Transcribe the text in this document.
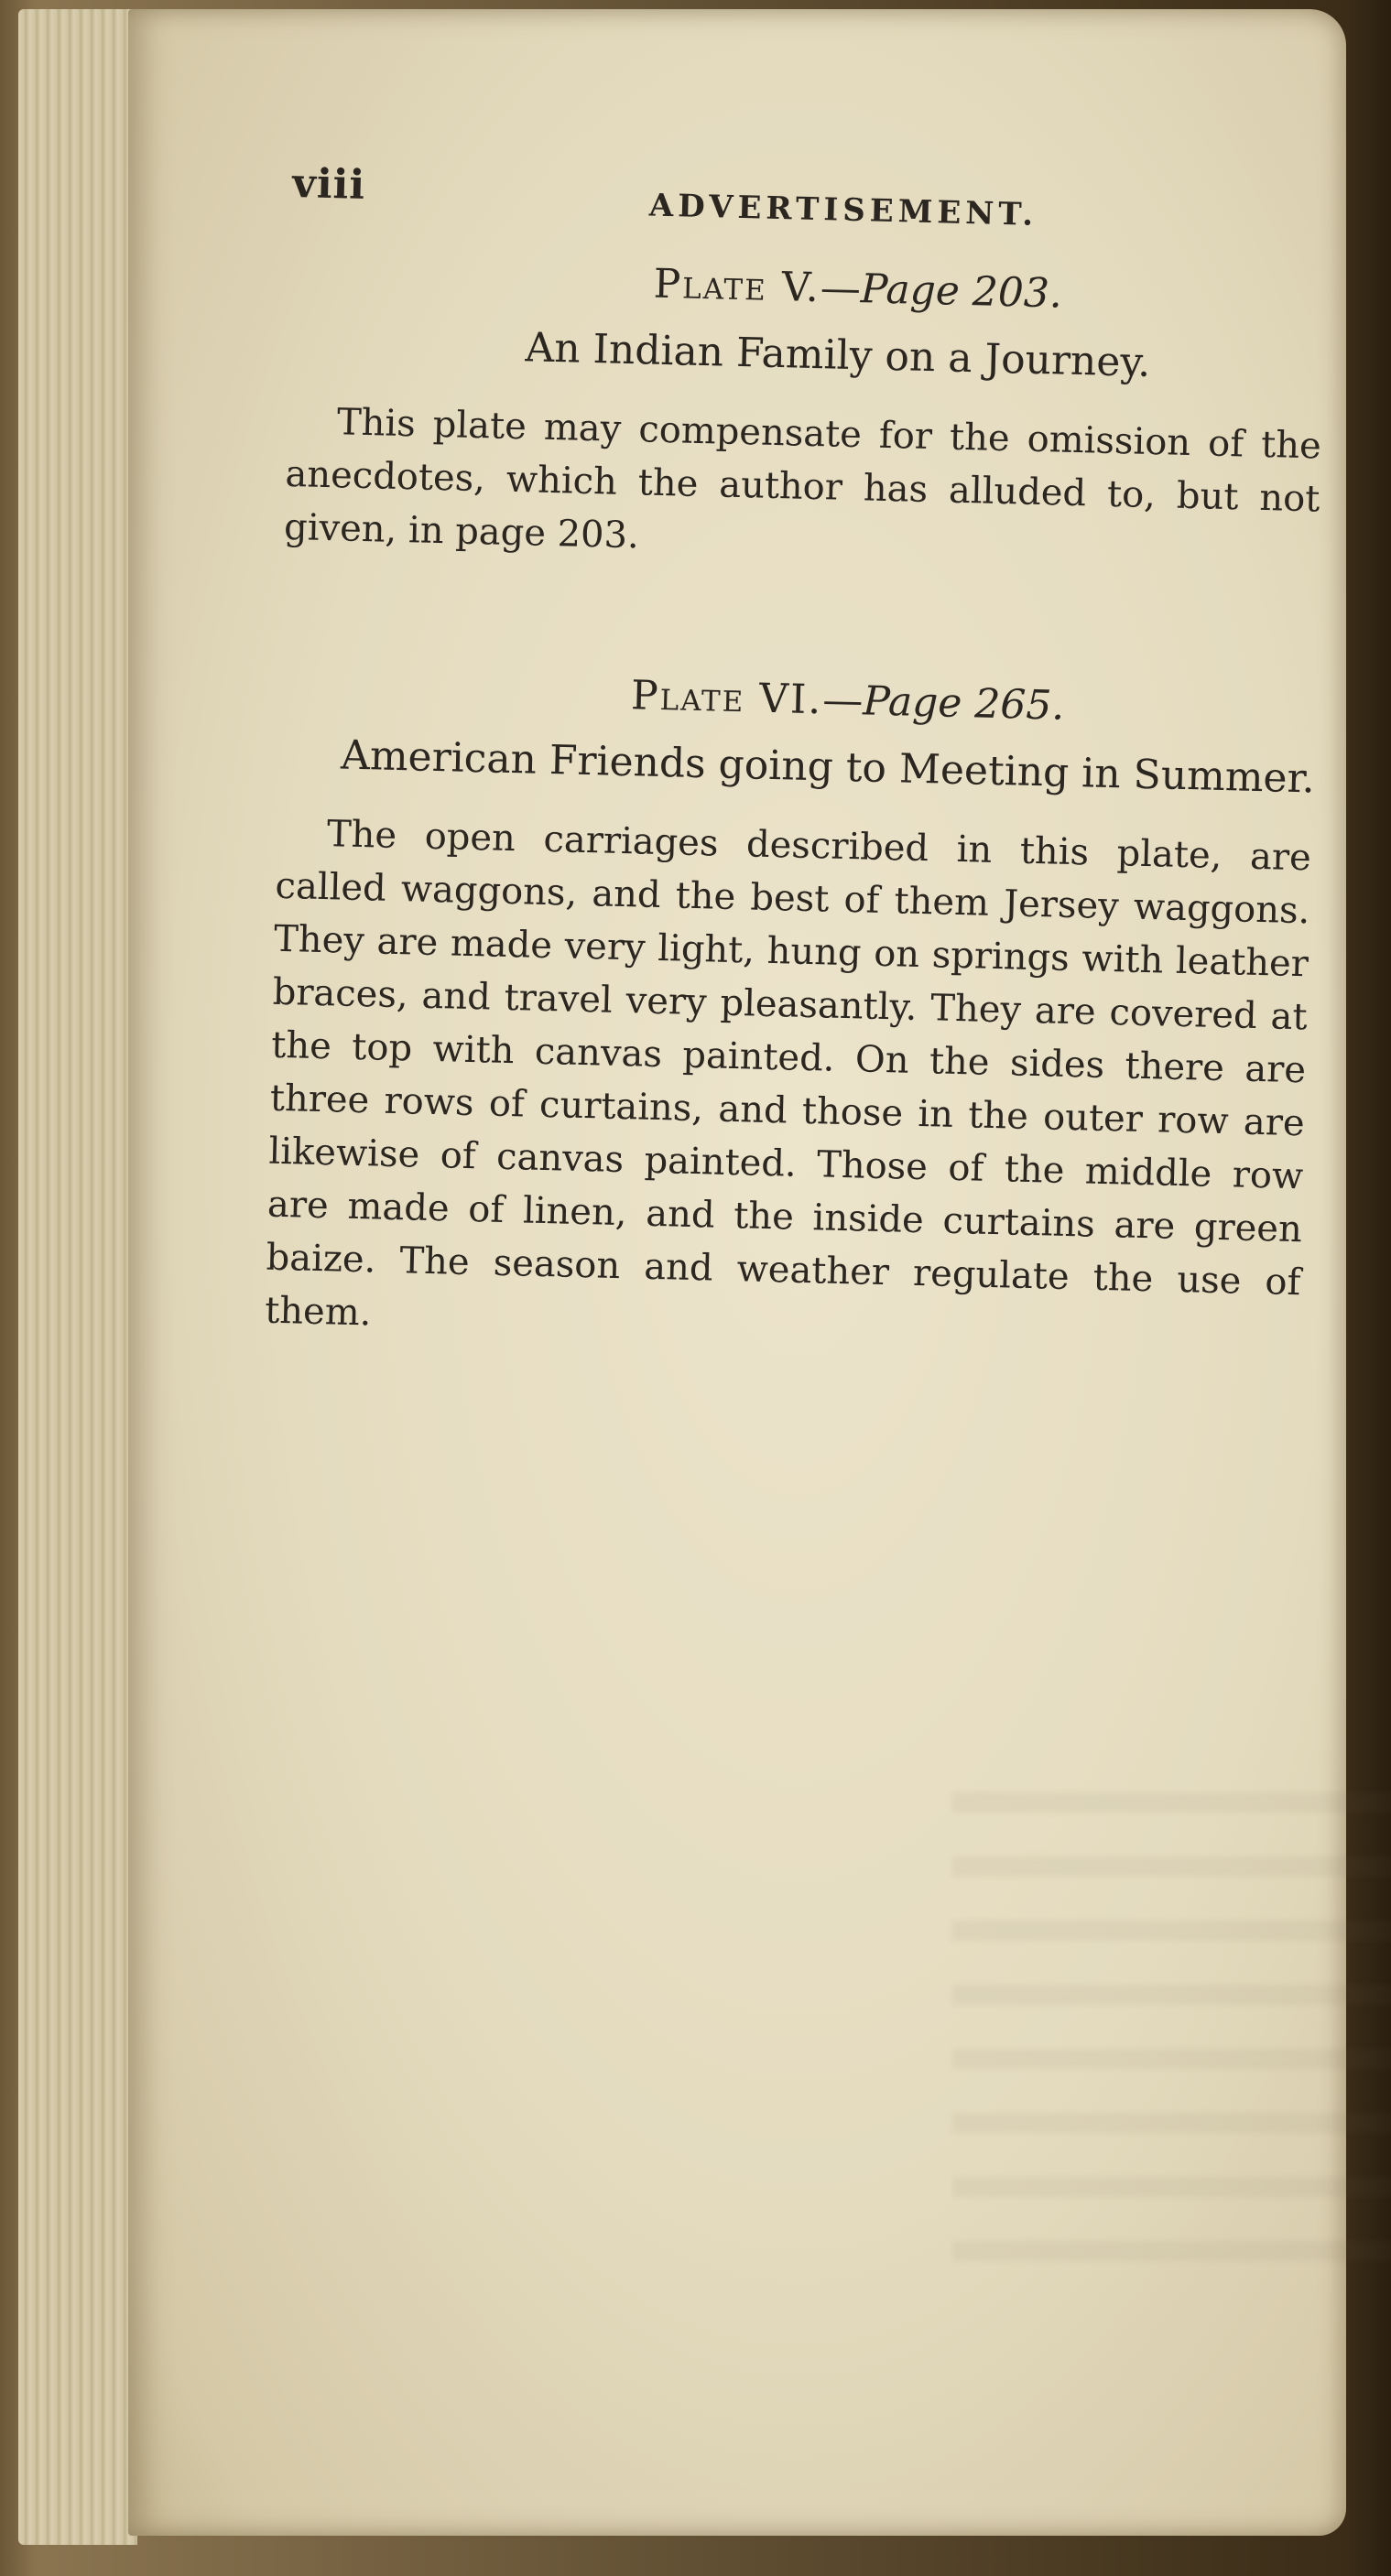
viii
ADVERTISEMENT.

Plate V.—Page 203.

An Indian Family on a Journey.

This plate may compensate for the omission of the anecdotes, which the author has alluded to, but not given, in page 203.

Plate VI.—Page 265.

American Friends going to Meeting in Summer.

The open carriages described in this plate, are called waggons, and the best of them Jersey waggons. They are made very light, hung on springs with leather braces, and travel very pleasantly. They are covered at the top with canvas painted. On the sides there are three rows of curtains, and those in the outer row are likewise of canvas painted. Those of the middle row are made of linen, and the inside curtains are green baize. The season and weather regulate the use of them.
